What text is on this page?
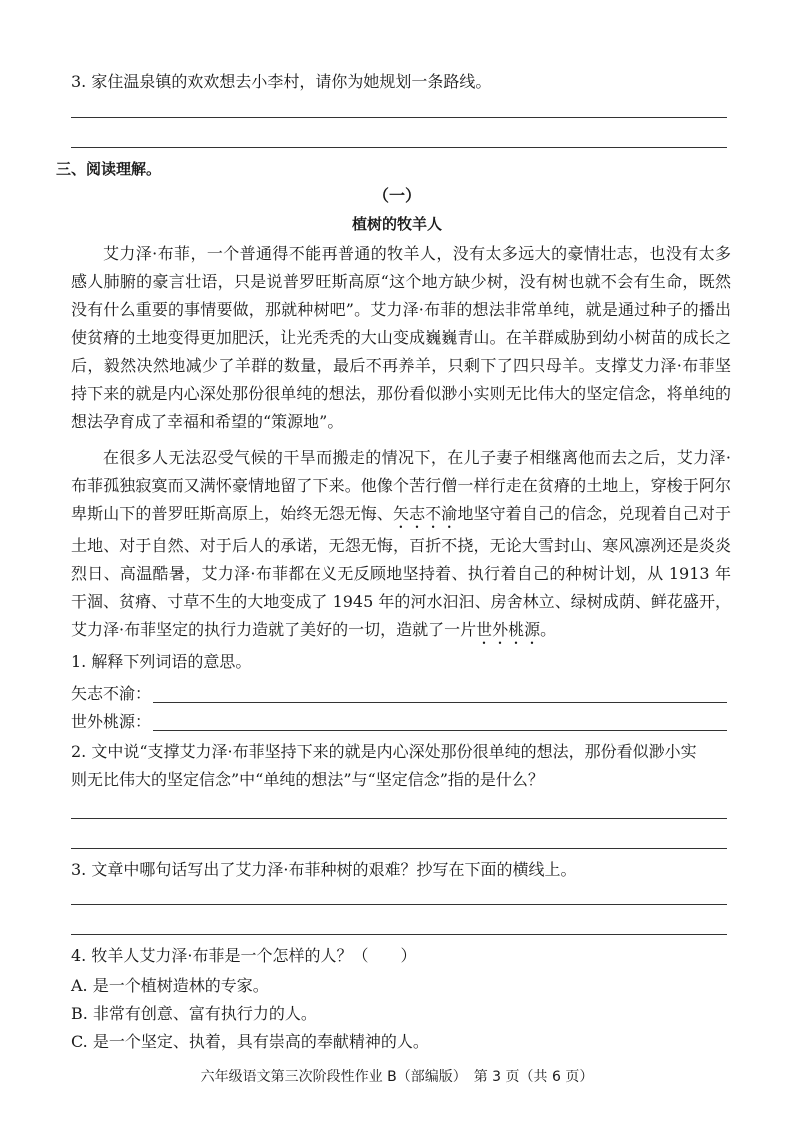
3. 家住温泉镇的欢欢想去小李村，请你为她规划一条路线。
三、阅读理解。
（一）
植树的牧羊人

艾力泽·布菲，一个普通得不能再普通的牧羊人，没有太多远大的豪情壮志，也没有太多感人肺腑的豪言壮语，只是说普罗旺斯高原“这个地方缺少树，没有树也就不会有生命，既然没有什么重要的事情要做，那就种树吧”。艾力泽·布菲的想法非常单纯，就是通过种子的播出使贫瘠的土地变得更加肥沃，让光秃秃的大山变成巍巍青山。在羊群威胁到幼小树苗的成长之后，毅然决然地减少了羊群的数量，最后不再养羊，只剩下了四只母羊。支撑艾力泽·布菲坚持下来的就是内心深处那份很单纯的想法，那份看似渺小实则无比伟大的坚定信念，将单纯的想法孕育成了幸福和希望的“策源地”。

在很多人无法忍受气候的干旱而搬走的情况下，在儿子妻子相继离他而去之后，艾力泽·布菲孤独寂寞而又满怀豪情地留了下来。他像个苦行僧一样行走在贫瘠的土地上，穿梭于阿尔卑斯山下的普罗旺斯高原上，始终无怨无悔、矢志不渝地坚守着自己的信念，兑现着自己对于土地、对于自然、对于后人的承诺，无怨无悔，百折不挠，无论大雪封山、寒风凛冽还是炎炎烈日、高温酷暑，艾力泽·布菲都在义无反顾地坚持着、执行着自己的种树计划，从 1913 年干涸、贫瘠、寸草不生的大地变成了 1945 年的河水汩汩、房舍林立、绿树成荫、鲜花盛开，艾力泽·布菲坚定的执行力造就了美好的一切，造就了一片世外桃源。

1. 解释下列词语的意思。
矢志不渝：
世外桃源：
2. 文中说“支撑艾力泽·布菲坚持下来的就是内心深处那份很单纯的想法，那份看似渺小实
则无比伟大的坚定信念”中“单纯的想法”与“坚定信念”指的是什么？
3. 文章中哪句话写出了艾力泽·布菲种树的艰难？抄写在下面的横线上。
4. 牧羊人艾力泽·布菲是一个怎样的人？（　　）
A. 是一个植树造林的专家。
B. 非常有创意、富有执行力的人。
C. 是一个坚定、执着，具有崇高的奉献精神的人。
六年级语文第三次阶段性作业 B（部编版）　第 3 页（共 6 页）
